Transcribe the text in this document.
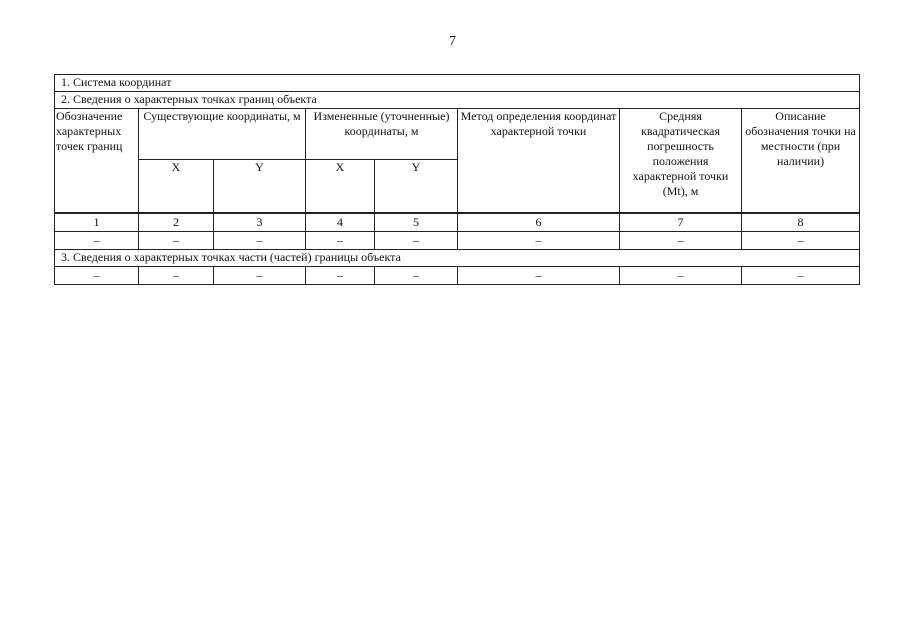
7
1. Система координат							
2. Сведения о характерных точках границ объекта							
Обозначение характерных точек границ	Существующие координаты, м		Измененные (уточненные) координаты, м		Метод определения координат характерной точки	Средняя квадратическая погрешность положения характерной точки (Mt), м	Описание обозначения точки на местности (при наличии)
	X	Y	X	Y			
1	2	3	4	5	6	7	8
–	–	–	–	–	–	–	–
3. Сведения о характерных точках части (частей) границы объекта							
–	–	–	–	–	–	–	–
